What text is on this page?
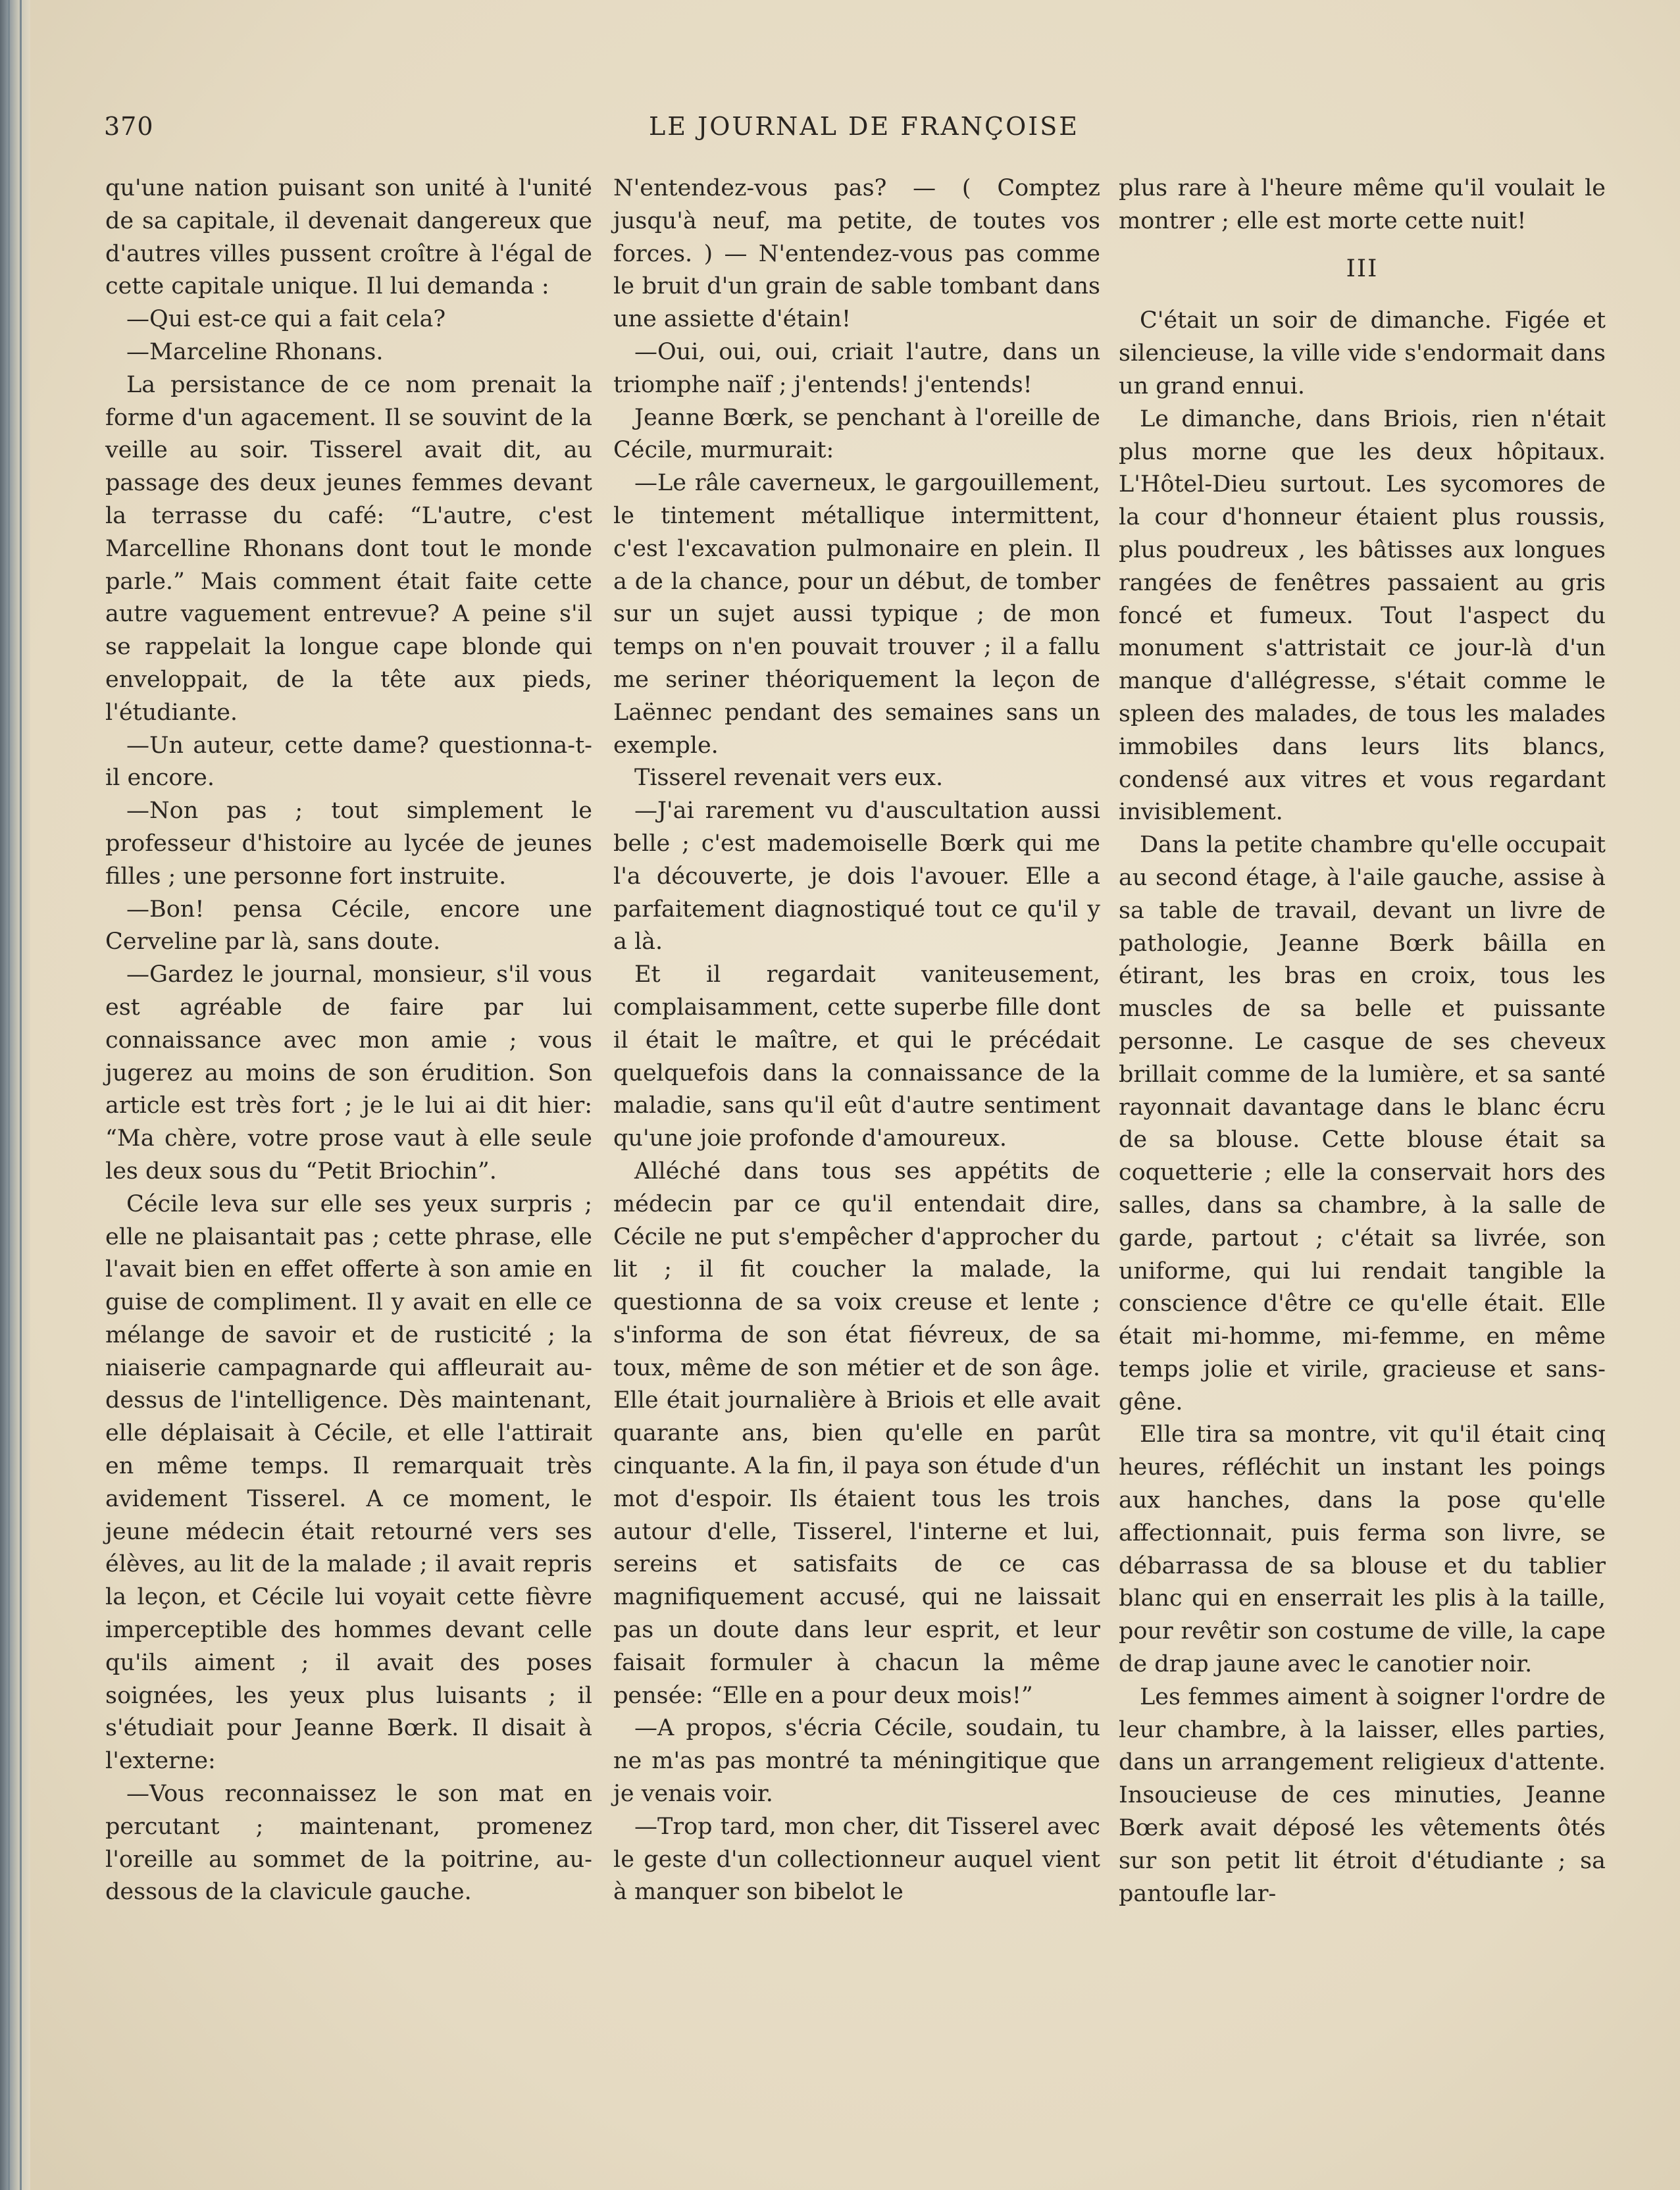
370	LE JOURNAL DE FRANÇOISE

qu'une nation puisant son unité à l'unité de sa capitale, il devenait dangereux que d'autres villes pussent croître à l'égal de cette capitale unique. Il lui demanda :

—Qui est-ce qui a fait cela?

—Marceline Rhonans.

La persistance de ce nom prenait la forme d'un agacement. Il se souvint de la veille au soir. Tisserel avait dit, au passage des deux jeunes femmes devant la terrasse du café: “L'autre, c'est Marcelline Rhonans dont tout le monde parle.” Mais comment était faite cette autre vaguement entrevue? A peine s'il se rappelait la longue cape blonde qui enveloppait, de la tête aux pieds, l'étudiante.

—Un auteur, cette dame? questionna-t-il encore.

—Non pas ; tout simplement le professeur d'histoire au lycée de jeunes filles ; une personne fort instruite.

—Bon! pensa Cécile, encore une Cerveline par là, sans doute.

—Gardez le journal, monsieur, s'il vous est agréable de faire par lui connaissance avec mon amie ; vous jugerez au moins de son érudition. Son article est très fort ; je le lui ai dit hier: “Ma chère, votre prose vaut à elle seule les deux sous du “Petit Briochin”.

Cécile leva sur elle ses yeux surpris ; elle ne plaisantait pas ; cette phrase, elle l'avait bien en effet offerte à son amie en guise de compliment. Il y avait en elle ce mélange de savoir et de rusticité ; la niaiserie campagnarde qui affleurait au-dessus de l'intelligence. Dès maintenant, elle déplaisait à Cécile, et elle l'attirait en même temps. Il remarquait très avidement Tisserel. A ce moment, le jeune médecin était retourné vers ses élèves, au lit de la malade ; il avait repris la leçon, et Cécile lui voyait cette fièvre imperceptible des hommes devant celle qu'ils aiment ; il avait des poses soignées, les yeux plus luisants ; il s'étudiait pour Jeanne Bœrk. Il disait à l'externe:

—Vous reconnaissez le son mat en percutant ; maintenant, promenez l'oreille au sommet de la poitrine, au-dessous de la clavicule gauche.

N'entendez-vous pas? — ( Comptez jusqu'à neuf, ma petite, de toutes vos forces. ) — N'entendez-vous pas comme le bruit d'un grain de sable tombant dans une assiette d'étain!

—Oui, oui, oui, criait l'autre, dans un triomphe naïf ; j'entends! j'entends!

Jeanne Bœrk, se penchant à l'oreille de Cécile, murmurait:

—Le râle caverneux, le gargouillement, le tintement métallique intermittent, c'est l'excavation pulmonaire en plein. Il a de la chance, pour un début, de tomber sur un sujet aussi typique ; de mon temps on n'en pouvait trouver ; il a fallu me seriner théoriquement la leçon de Laënnec pendant des semaines sans un exemple.

Tisserel revenait vers eux.

—J'ai rarement vu d'auscultation aussi belle ; c'est mademoiselle Bœrk qui me l'a découverte, je dois l'avouer. Elle a parfaitement diagnostiqué tout ce qu'il y a là.

Et il regardait vaniteusement, complaisamment, cette superbe fille dont il était le maître, et qui le précédait quelquefois dans la connaissance de la maladie, sans qu'il eût d'autre sentiment qu'une joie profonde d'amoureux.

Alléché dans tous ses appétits de médecin par ce qu'il entendait dire, Cécile ne put s'empêcher d'approcher du lit ; il fit coucher la malade, la questionna de sa voix creuse et lente ; s'informa de son état fiévreux, de sa toux, même de son métier et de son âge. Elle était journalière à Briois et elle avait quarante ans, bien qu'elle en parût cinquante. A la fin, il paya son étude d'un mot d'espoir. Ils étaient tous les trois autour d'elle, Tisserel, l'interne et lui, sereins et satisfaits de ce cas magnifiquement accusé, qui ne laissait pas un doute dans leur esprit, et leur faisait formuler à chacun la même pensée: “Elle en a pour deux mois!”

—A propos, s'écria Cécile, soudain, tu ne m'as pas montré ta méningitique que je venais voir.

—Trop tard, mon cher, dit Tisserel avec le geste d'un collectionneur auquel vient à manquer son bibelot le

plus rare à l'heure même qu'il voulait le montrer ; elle est morte cette nuit!

III

C'était un soir de dimanche. Figée et silencieuse, la ville vide s'endormait dans un grand ennui.

Le dimanche, dans Briois, rien n'était plus morne que les deux hôpitaux. L'Hôtel-Dieu surtout. Les sycomores de la cour d'honneur étaient plus roussis, plus poudreux , les bâtisses aux longues rangées de fenêtres passaient au gris foncé et fumeux. Tout l'aspect du monument s'attristait ce jour-là d'un manque d'allégresse, s'était comme le spleen des malades, de tous les malades immobiles dans leurs lits blancs, condensé aux vitres et vous regardant invisiblement.

Dans la petite chambre qu'elle occupait au second étage, à l'aile gauche, assise à sa table de travail, devant un livre de pathologie, Jeanne Bœrk bâilla en étirant, les bras en croix, tous les muscles de sa belle et puissante personne. Le casque de ses cheveux brillait comme de la lumière, et sa santé rayonnait davantage dans le blanc écru de sa blouse. Cette blouse était sa coquetterie ; elle la conservait hors des salles, dans sa chambre, à la salle de garde, partout ; c'était sa livrée, son uniforme, qui lui rendait tangible la conscience d'être ce qu'elle était. Elle était mi-homme, mi-femme, en même temps jolie et virile, gracieuse et sans-gêne.

Elle tira sa montre, vit qu'il était cinq heures, réfléchit un instant les poings aux hanches, dans la pose qu'elle affectionnait, puis ferma son livre, se débarrassa de sa blouse et du tablier blanc qui en enserrait les plis à la taille, pour revêtir son costume de ville, la cape de drap jaune avec le canotier noir.

Les femmes aiment à soigner l'ordre de leur chambre, à la laisser, elles parties, dans un arrangement religieux d'attente. Insoucieuse de ces minuties, Jeanne Bœrk avait déposé les vêtements ôtés sur son petit lit étroit d'étudiante ; sa pantoufle lar-
